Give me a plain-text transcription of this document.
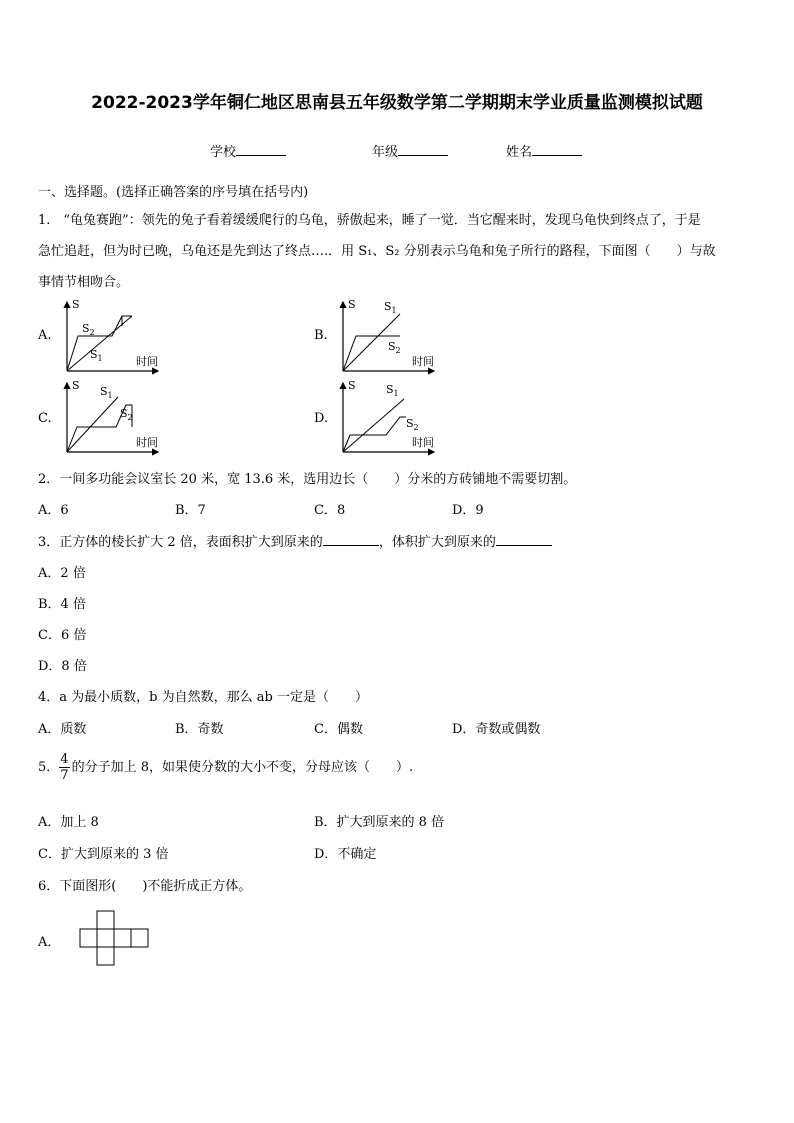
2022-2023学年铜仁地区思南县五年级数学第二学期期末学业质量监测模拟试题
学校	年级	姓名
一、选择题。(选择正确答案的序号填在括号内)
1.　“龟兔赛跑”：领先的兔子看着缓缓爬行的乌龟，骄傲起来，睡了一觉．当它醒来时，发现乌龟快到终点了，于是
急忙追赶，但为时已晚，乌龟还是先到达了终点….．用 S₁、S₂ 分别表示乌龟和兔子所行的路程，下面图（　　）与故
事情节相吻合。
A.
S
时间
$S_2$
$S_1$
B.
S
时间
$S_1$
$S_2$
C.
S
时间
$S_1$
$S_2$	D.
S
时间
$S_1$
$S_2$
2．一间多功能会议室长 20 米，宽 13.6 米，选用边长（　　）分米的方砖铺地不需要切割。
A．6	B．7	C．8	D．9
3．正方体的棱长扩大 2 倍，表面积扩大到原来的	，体积扩大到原来的
A．2 倍
B．4 倍
C．6 倍
D．8 倍
4．a 为最小质数，b 为自然数，那么 ab 一定是（　　）
A．质数	B．奇数	C．偶数	D．奇数或偶数
5． $\frac{4}{7}$ 的分子加上 8，如果使分数的大小不变，分母应该（　　）.
A．加上 8	B．扩大到原来的 8 倍
C．扩大到原来的 3 倍	D．不确定
6．下面图形(　　)不能折成正方体。
A．
